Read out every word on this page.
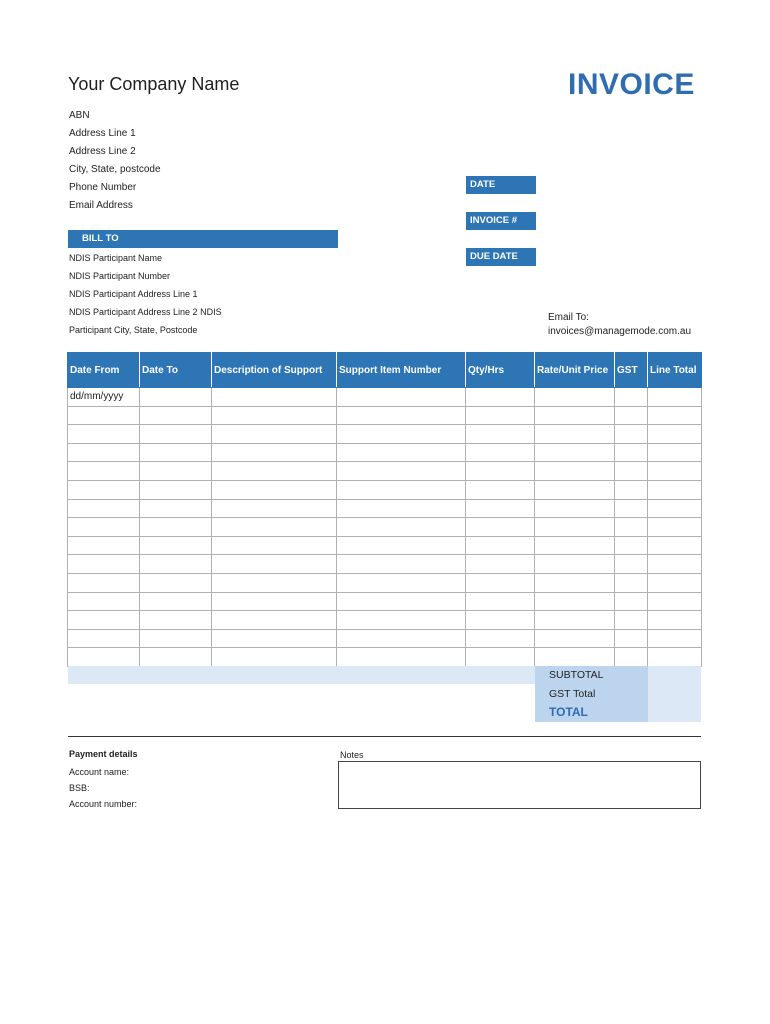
Your Company Name	INVOICE
ABN
Address Line 1
Address Line 2
City, State, postcode
Phone Number
Email Address
DATE
INVOICE #
DUE DATE
BILL TO
NDIS Participant Name
NDIS Participant Number
NDIS Participant Address Line 1
NDIS Participant Address Line 2 NDIS
Participant City, State, Postcode
Email To:
invoices@managemode.com.au
Date From	Date To	Description of Support	Support Item Number	Qty/Hrs	Rate/Unit Price	GST	Line Total
dd/mm/yyyy							

SUBTOTAL
GST Total
TOTAL
Payment details
Account name:
BSB:
Account number:
Notes
